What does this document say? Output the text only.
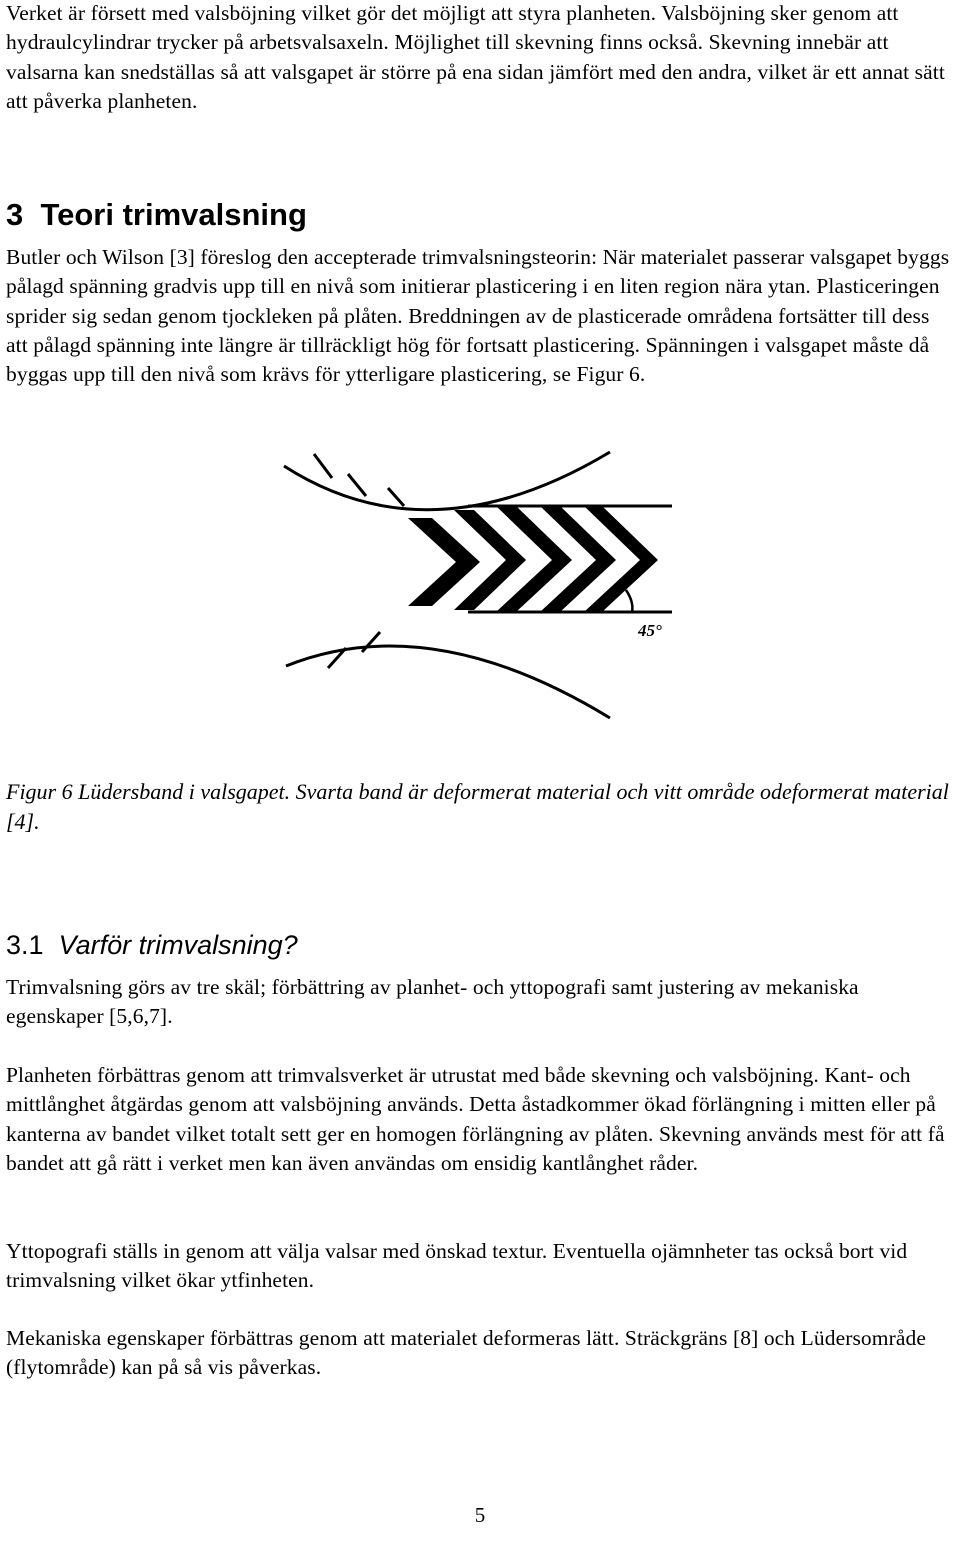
Verket är försett med valsböjning vilket gör det möjligt att styra planheten. Valsböjning sker genom att hydraulcylindrar trycker på arbetsvalsaxeln. Möjlighet till skevning finns också. Skevning innebär att valsarna kan snedställas så att valsgapet är större på ena sidan jämfört med den andra, vilket är ett annat sätt att påverka planheten.

3 Teori trimvalsning

Butler och Wilson [3] föreslog den accepterade trimvalsningsteorin: När materialet passerar valsgapet byggs pålagd spänning gradvis upp till en nivå som initierar plasticering i en liten region nära ytan. Plasticeringen sprider sig sedan genom tjockleken på plåten. Breddningen av de plasticerade områdena fortsätter till dess att pålagd spänning inte längre är tillräckligt hög för fortsatt plasticering. Spänningen i valsgapet måste då byggas upp till den nivå som krävs för ytterligare plasticering, se Figur 6.

45°

Figur 6 Lüdersband i valsgapet. Svarta band är deformerat material och vitt område odeformerat material [4].

3.1 Varför trimvalsning?

Trimvalsning görs av tre skäl; förbättring av planhet- och yttopografi samt justering av mekaniska egenskaper [5,6,7].

Planheten förbättras genom att trimvalsverket är utrustat med både skevning och valsböjning. Kant- och mittlånghet åtgärdas genom att valsböjning används. Detta åstadkommer ökad förlängning i mitten eller på kanterna av bandet vilket totalt sett ger en homogen förlängning av plåten. Skevning används mest för att få bandet att gå rätt i verket men kan även användas om ensidig kantlånghet råder.

Yttopografi ställs in genom att välja valsar med önskad textur. Eventuella ojämnheter tas också bort vid trimvalsning vilket ökar ytfinheten.

Mekaniska egenskaper förbättras genom att materialet deformeras lätt. Sträckgräns [8] och Lüdersområde (flytområde) kan på så vis påverkas.

5
